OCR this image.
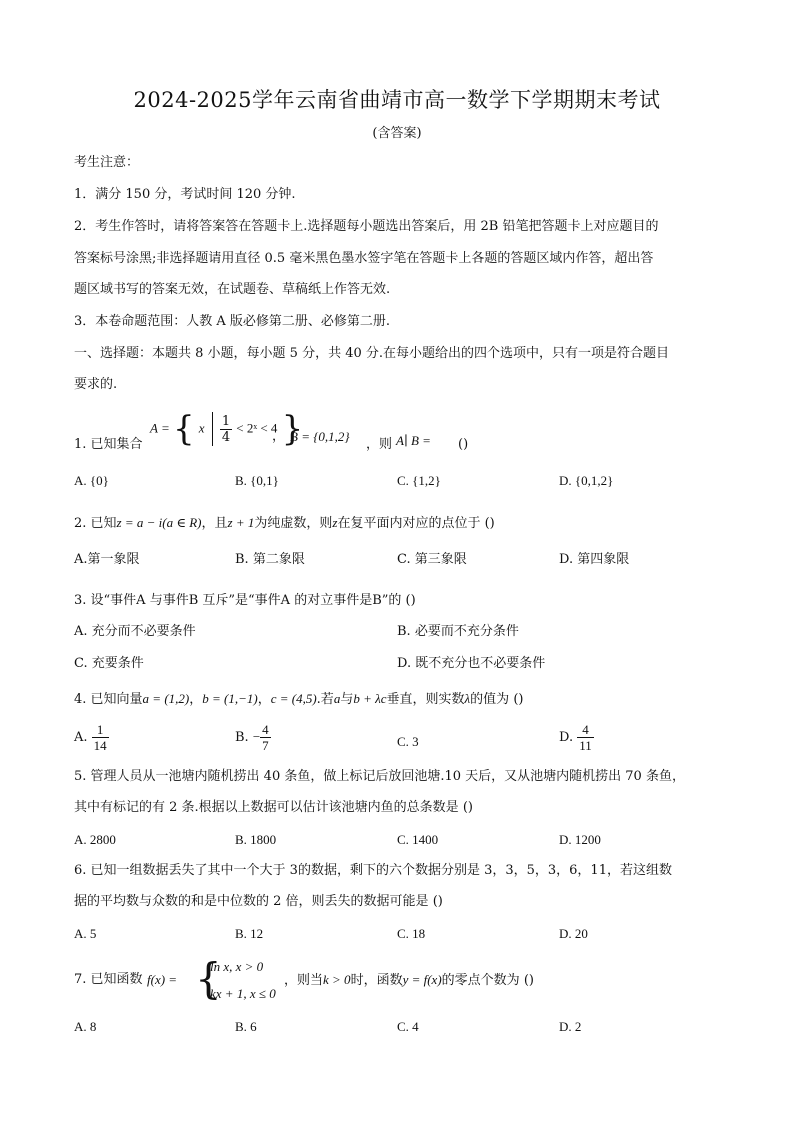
2024-2025学年云南省曲靖市高一数学下学期期末考试
(含答案)
考生注意：
1．满分 150 分，考试时间 120 分钟.
2．考生作答时，请将答案答在答题卡上.选择题每小题选出答案后，用 2B 铅笔把答题卡上对应题目的
答案标号涂黑;非选择题请用直径 0.5 毫米黑色墨水签字笔在答题卡上各题的答题区域内作答，超出答
题区域书写的答案无效，在试题卷、草稿纸上作答无效.
3．本卷命题范围：人教 A 版必修第二册、必修第二册.
一、选择题：本题共 8 小题，每小题 5 分，共 40 分.在每小题给出的四个选项中，只有一项是符合题目
要求的.
1. 已知集合
A = { x $\frac{1}{4}$ < 2ˣ < 4 }
， B = {0,1,2}
，则 A∣ B = ()
A. {0}	B. {0,1}	C. {1,2}	D. {0,1,2}
2. 已知z = a − i(a ∈ R)，且z + 1为纯虚数，则z在复平面内对应的点位于 ()
A.第一象限	B. 第二象限	C. 第三象限	D. 第四象限
3. 设“事件A 与事件B 互斥”是“事件A 的对立事件是B”的 ()
A. 充分而不必要条件	B. 必要而不充分条件
C. 充要条件	D. 既不充分也不必要条件
4. 已知向量a = (1,2)，b = (1,−1)，c = (4,5).若a与b + λc垂直，则实数λ的值为 ()
A. $\frac{1}{14}$	B. − $\frac{4}{7}$	C. 3	D. $\frac{4}{11}$
5. 管理人员从一池塘内随机捞出 40 条鱼，做上标记后放回池塘.10 天后，又从池塘内随机捞出 70 条鱼，
其中有标记的有 2 条.根据以上数据可以估计该池塘内鱼的总条数是 ()
A. 2800	B. 1800	C. 1400	D. 1200
6. 已知一组数据丢失了其中一个大于 3的数据，剩下的六个数据分别是 3，3，5，3，6，11，若这组数
据的平均数与众数的和是中位数的 2 倍，则丢失的数据可能是 ()
A. 5	B. 12	C. 18	D. 20
7. 已知函数 f(x) = {
ln x, x > 0
kx + 1, x ≤ 0
，则当k > 0时，函数y = f(x)的零点个数为 ()
A. 8	B. 6	C. 4	D. 2
